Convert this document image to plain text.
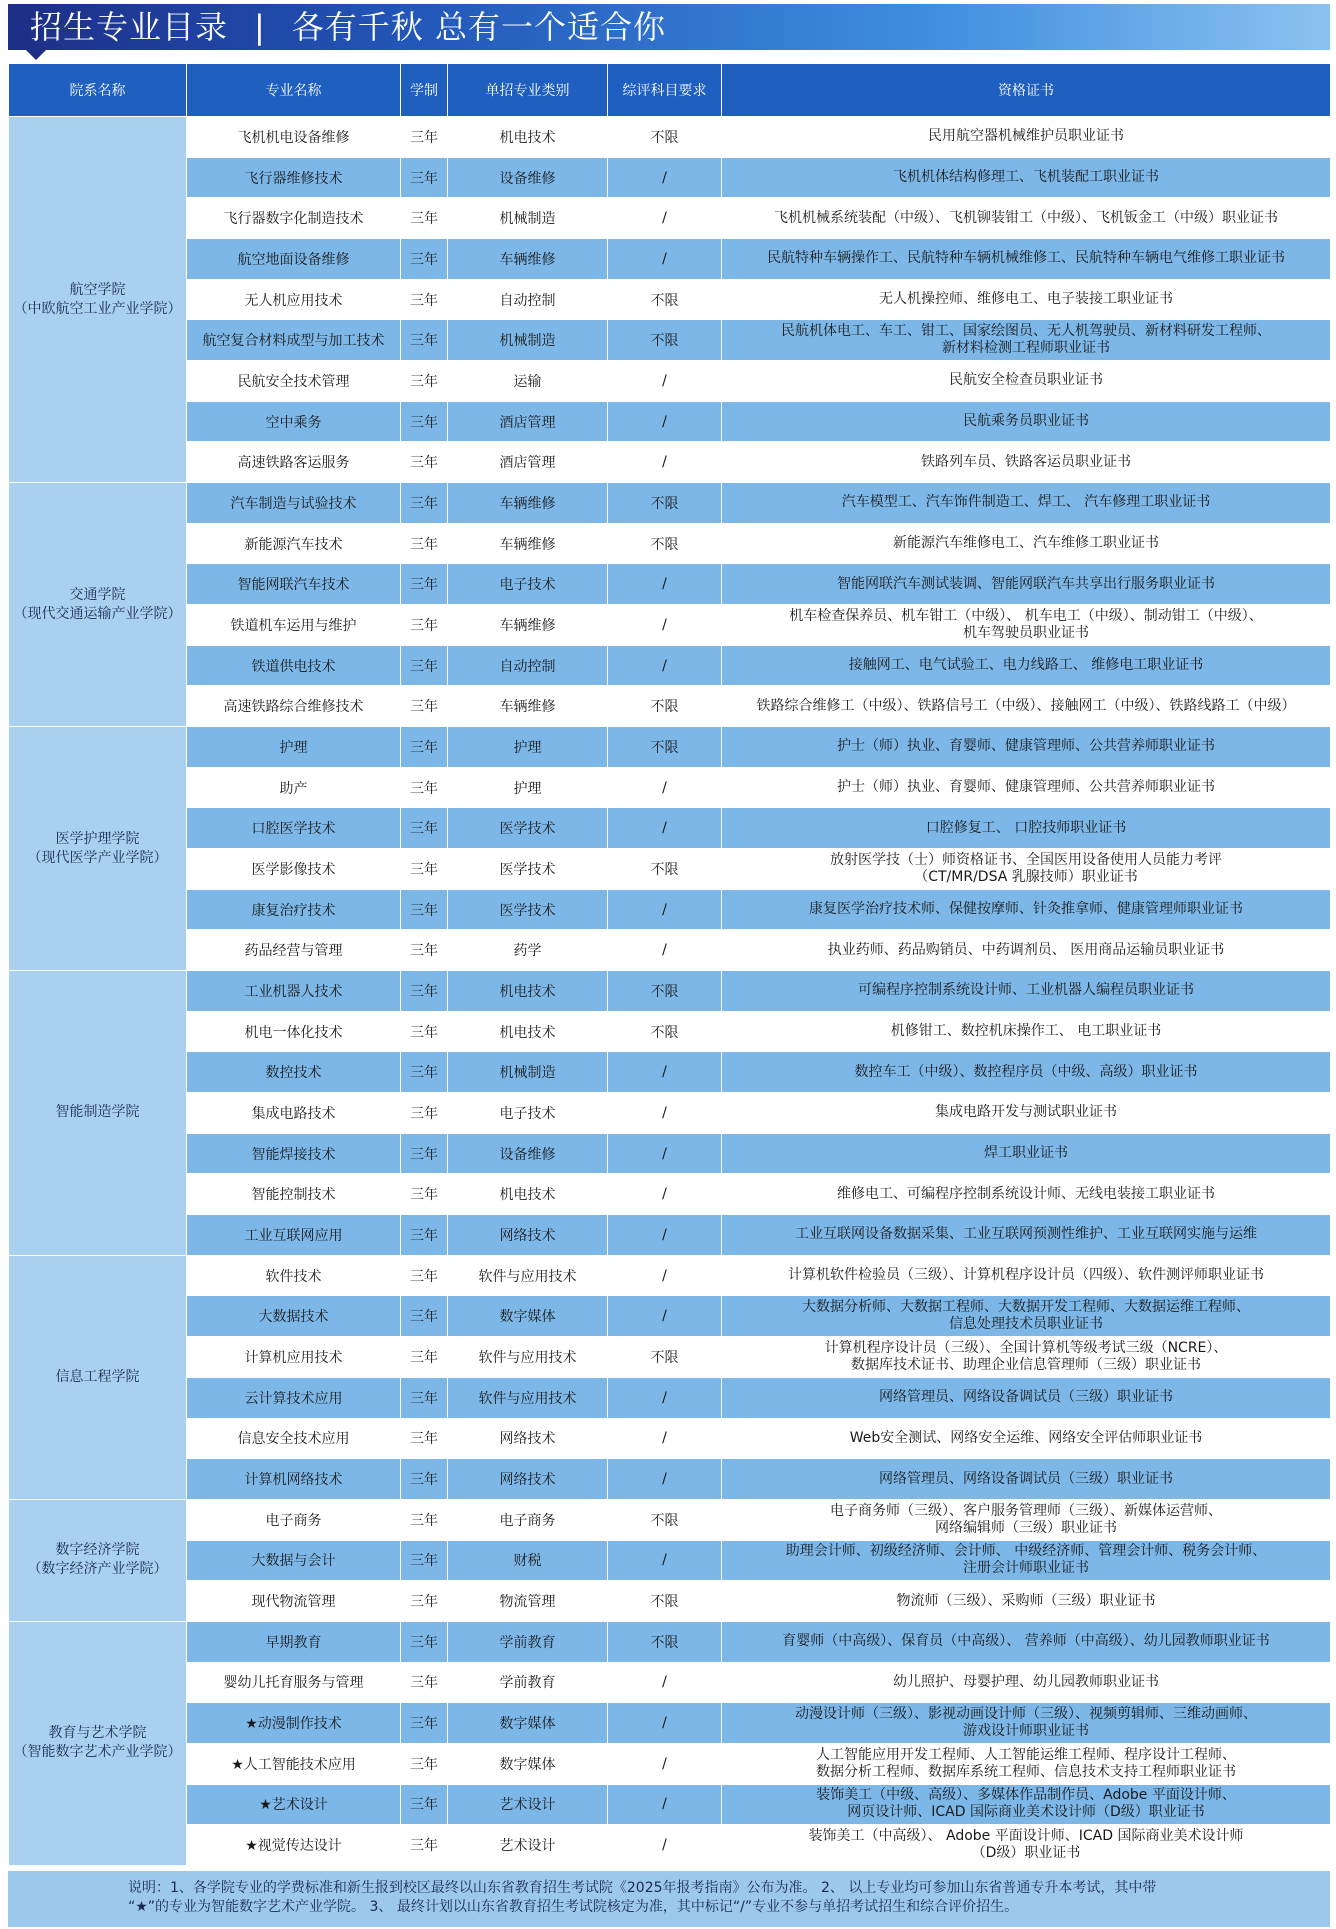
招生专业目录 | 各有千秋 总有一个适合你
院系名称	专业名称	学制	单招专业类别	综评科目要求	资格证书
航空学院
（中欧航空工业产业学院）	飞机机电设备维修	三年	机电技术	不限	民用航空器机械维护员职业证书
	飞行器维修技术	三年	设备维修	/	飞机机体结构修理工、飞机装配工职业证书
	飞行器数字化制造技术	三年	机械制造	/	飞机机械系统装配（中级）、飞机铆装钳工（中级）、飞机钣金工（中级）职业证书
	航空地面设备维修	三年	车辆维修	/	民航特种车辆操作工、民航特种车辆机械维修工、民航特种车辆电气维修工职业证书
	无人机应用技术	三年	自动控制	不限	无人机操控师、维修电工、电子装接工职业证书
	航空复合材料成型与加工技术	三年	机械制造	不限	民航机体电工、车工、钳工、国家绘图员、无人机驾驶员、新材料研发工程师、
新材料检测工程师职业证书
	民航安全技术管理	三年	运输	/	民航安全检查员职业证书
	空中乘务	三年	酒店管理	/	民航乘务员职业证书
	高速铁路客运服务	三年	酒店管理	/	铁路列车员、铁路客运员职业证书
交通学院
（现代交通运输产业学院）	汽车制造与试验技术	三年	车辆维修	不限	汽车模型工、汽车饰件制造工、焊工、 汽车修理工职业证书
	新能源汽车技术	三年	车辆维修	不限	新能源汽车维修电工、汽车维修工职业证书
	智能网联汽车技术	三年	电子技术	/	智能网联汽车测试装调、智能网联汽车共享出行服务职业证书
	铁道机车运用与维护	三年	车辆维修	/	机车检查保养员、机车钳工（中级）、 机车电工（中级）、制动钳工（中级）、
机车驾驶员职业证书
	铁道供电技术	三年	自动控制	/	接触网工、电气试验工、电力线路工、 维修电工职业证书
	高速铁路综合维修技术	三年	车辆维修	不限	铁路综合维修工（中级）、铁路信号工（中级）、接触网工（中级）、铁路线路工（中级）
医学护理学院
（现代医学产业学院）	护理	三年	护理	不限	护士（师）执业、育婴师、健康管理师、公共营养师职业证书
	助产	三年	护理	/	护士（师）执业、育婴师、健康管理师、公共营养师职业证书
	口腔医学技术	三年	医学技术	/	口腔修复工、 口腔技师职业证书
	医学影像技术	三年	医学技术	不限	放射医学技（士）师资格证书、全国医用设备使用人员能力考评
（CT/MR/DSA 乳腺技师）职业证书
	康复治疗技术	三年	医学技术	/	康复医学治疗技术师、保健按摩师、针灸推拿师、健康管理师职业证书
	药品经营与管理	三年	药学	/	执业药师、药品购销员、中药调剂员、 医用商品运输员职业证书
智能制造学院	工业机器人技术	三年	机电技术	不限	可编程序控制系统设计师、工业机器人编程员职业证书
	机电一体化技术	三年	机电技术	不限	机修钳工、数控机床操作工、 电工职业证书
	数控技术	三年	机械制造	/	数控车工（中级）、数控程序员（中级、高级）职业证书
	集成电路技术	三年	电子技术	/	集成电路开发与测试职业证书
	智能焊接技术	三年	设备维修	/	焊工职业证书
	智能控制技术	三年	机电技术	/	维修电工、可编程序控制系统设计师、无线电装接工职业证书
	工业互联网应用	三年	网络技术	/	工业互联网设备数据采集、工业互联网预测性维护、工业互联网实施与运维
信息工程学院	软件技术	三年	软件与应用技术	/	计算机软件检验员（三级）、计算机程序设计员（四级）、软件测评师职业证书
	大数据技术	三年	数字媒体	/	大数据分析师、大数据工程师、大数据开发工程师、大数据运维工程师、
信息处理技术员职业证书
	计算机应用技术	三年	软件与应用技术	不限	计算机程序设计员（三级）、全国计算机等级考试三级（NCRE）、
数据库技术证书、助理企业信息管理师（三级）职业证书
	云计算技术应用	三年	软件与应用技术	/	网络管理员、网络设备调试员（三级）职业证书
	信息安全技术应用	三年	网络技术	/	Web安全测试、网络安全运维、网络安全评估师职业证书
	计算机网络技术	三年	网络技术	/	网络管理员、网络设备调试员（三级）职业证书
数字经济学院
（数字经济产业学院）	电子商务	三年	电子商务	不限	电子商务师（三级）、客户服务管理师（三级）、新媒体运营师、
网络编辑师（三级）职业证书
	大数据与会计	三年	财税	/	助理会计师、初级经济师、会计师、 中级经济师、管理会计师、税务会计师、
注册会计师职业证书
	现代物流管理	三年	物流管理	不限	物流师（三级）、采购师（三级）职业证书
教育与艺术学院
（智能数字艺术产业学院）	早期教育	三年	学前教育	不限	育婴师（中高级）、保育员（中高级）、 营养师（中高级）、幼儿园教师职业证书
	婴幼儿托育服务与管理	三年	学前教育	/	幼儿照护、母婴护理、幼儿园教师职业证书
	★动漫制作技术	三年	数字媒体	/	动漫设计师（三级）、影视动画设计师（三级）、视频剪辑师、三维动画师、
游戏设计师职业证书
	★人工智能技术应用	三年	数字媒体	/	人工智能应用开发工程师、人工智能运维工程师、程序设计工程师、
数据分析工程师、数据库系统工程师、信息技术支持工程师职业证书
	★艺术设计	三年	艺术设计	/	装饰美工（中级、高级）、多媒体作品制作员、Adobe 平面设计师、
网页设计师、ICAD 国际商业美术设计师（D级）职业证书
	★视觉传达设计	三年	艺术设计	/	装饰美工（中高级）、 Adobe 平面设计师、ICAD 国际商业美术设计师
（D级）职业证书
说明：1、各学院专业的学费标准和新生报到校区最终以山东省教育招生考试院《2025年报考指南》公布为准。 2、 以上专业均可参加山东省普通专升本考试，其中带
“★”的专业为智能数字艺术产业学院。 3、 最终计划以山东省教育招生考试院核定为准，其中标记“/”专业不参与单招考试招生和综合评价招生。
